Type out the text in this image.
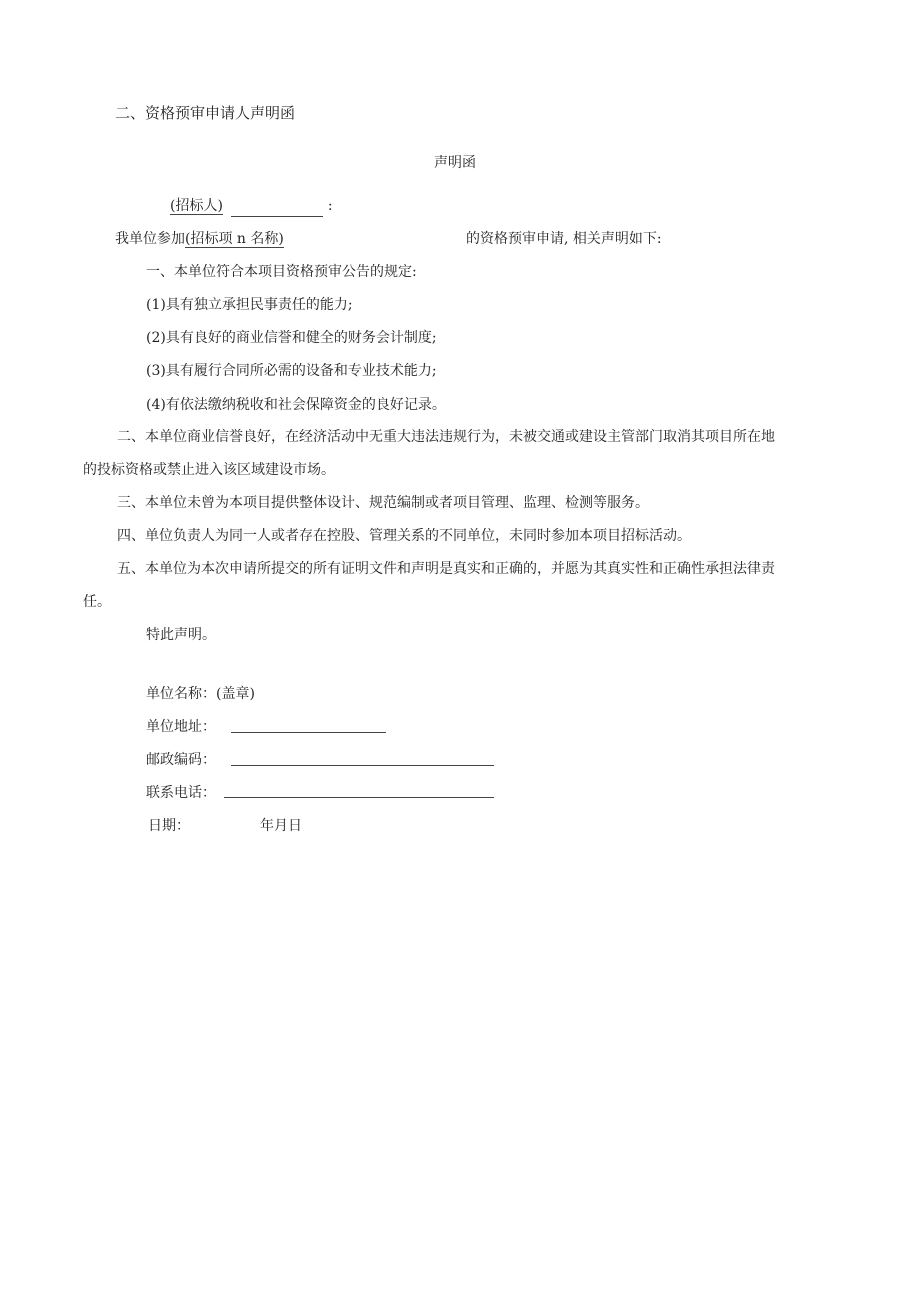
二、资格预审申请人声明函
声明函
(招标人)	:
我单位参加(招标项 n 名称)	的资格预审申请, 相关声明如下:
一、本单位符合本项目资格预审公告的规定:
(1)具有独立承担民事责任的能力;
(2)具有良好的商业信誉和健全的财务会计制度;
(3)具有履行合同所必需的设备和专业技术能力;
(4)有依法缴纳税收和社会保障资金的良好记录。
二、本单位商业信誉良好，在经济活动中无重大违法违规行为，未被交通或建设主管部门取消其项目所在地
的投标资格或禁止进入该区域建设市场。
三、本单位未曾为本项目提供整体设计、规范编制或者项目管理、监理、检测等服务。
四、单位负责人为同一人或者存在控股、管理关系的不同单位，未同时参加本项目招标活动。
五、本单位为本次申请所提交的所有证明文件和声明是真实和正确的，并愿为其真实性和正确性承担法律责
任。
特此声明。
单位名称：(盖章)
单位地址：
邮政编码：
联系电话：
日期：	年月日
